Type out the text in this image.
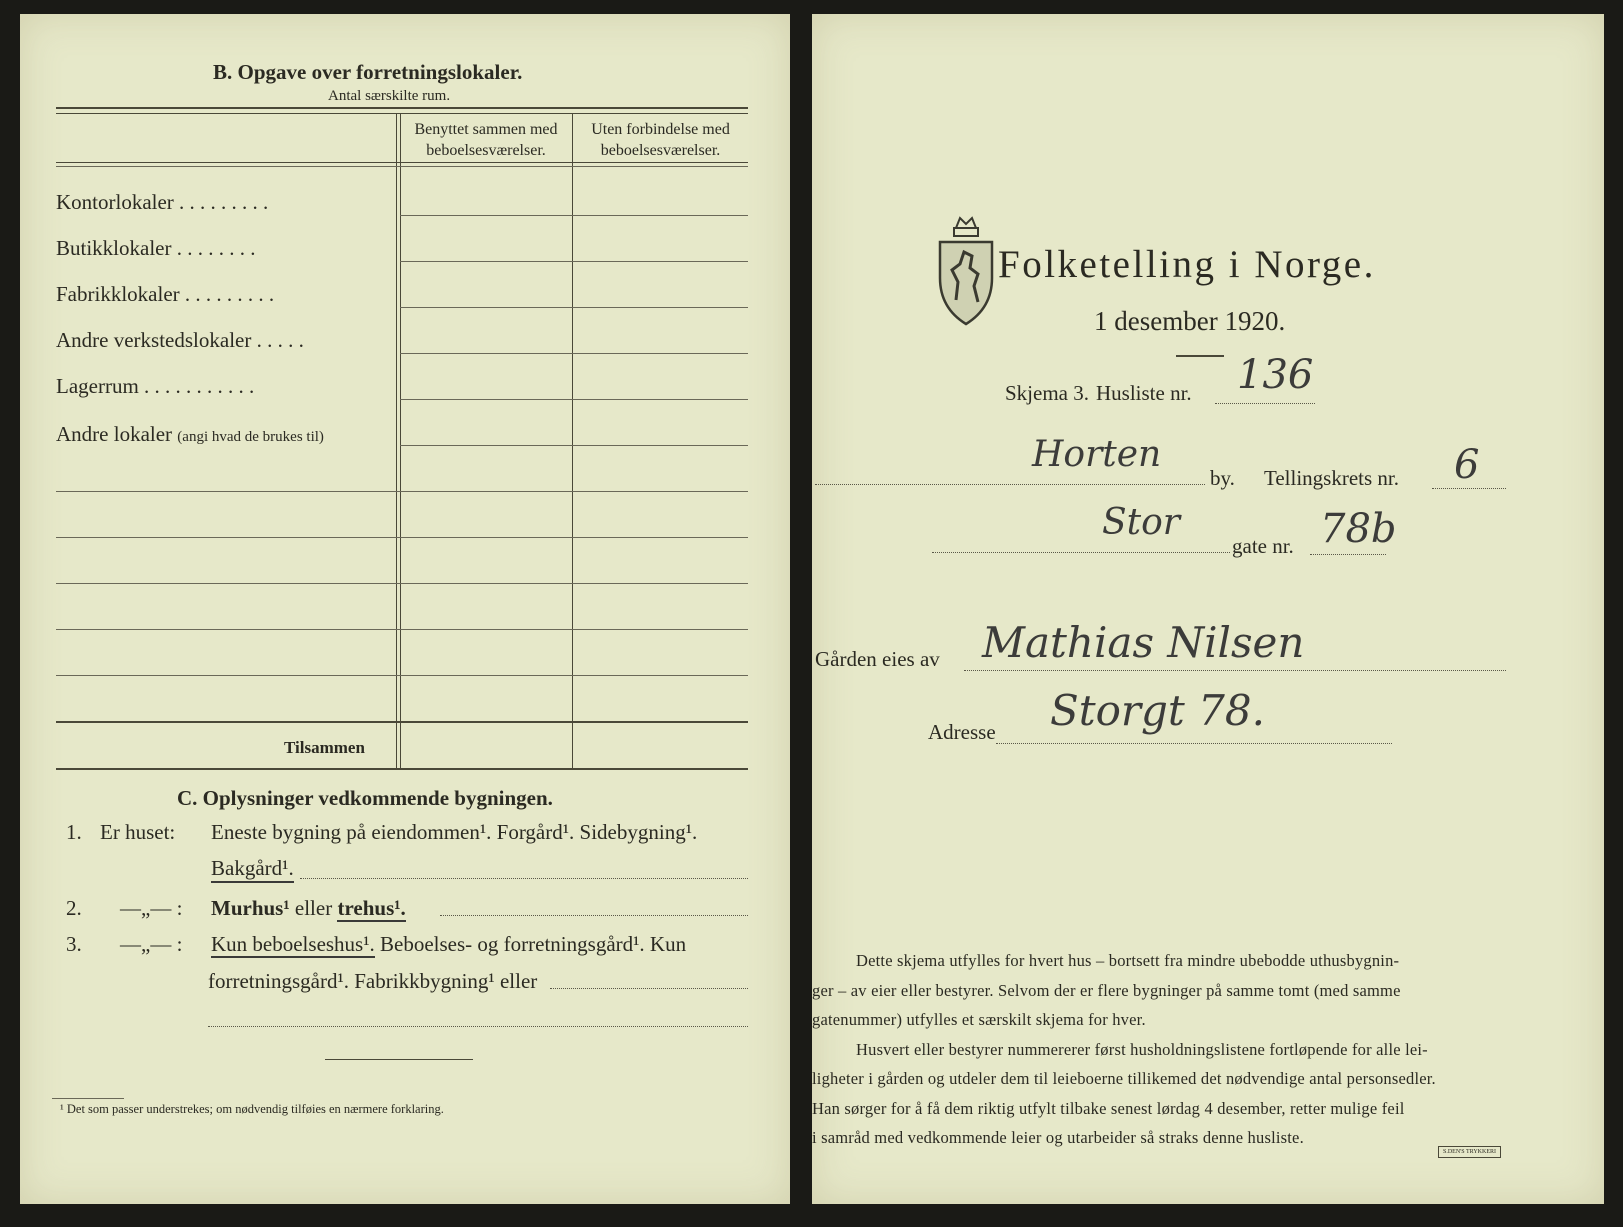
B. Opgave over forretningslokaler.
Antal særskilte rum.
Benyttet sammen med
beboelsesværelser.
Uten forbindelse med
beboelsesværelser.
Kontorlokaler . . . . . . . . .
Butikklokaler . . . . . . . .
Fabrikklokaler . . . . . . . . .
Andre verkstedslokaler . . . . .
Lagerrum . . . . . . . . . . .
Andre lokaler (angi hvad de brukes til)
Tilsammen
C. Oplysninger vedkommende bygningen.
1. Er huset: Eneste bygning på eiendommen¹. Forgård¹. Sidebygning¹.
Bakgård¹.
2. —„— : Murhus¹ eller trehus¹.
3. —„— : Kun beboelseshus¹. Beboelses- og forretningsgård¹. Kun
forretningsgård¹. Fabrikkbygning¹ eller
¹ Det som passer understrekes; om nødvendig tilføies en nærmere forklaring.
Folketelling i Norge.
1 desember 1920.
Skjema 3. Husliste nr. 136
Horten
by. Tellingskrets nr. 6
Stor
gate nr. 78b
Gården eies av Mathias Nilsen
Adresse Storgt 78.
Dette skjema utfylles for hvert hus – bortsett fra mindre ubebodde uthusbygnin-
ger – av eier eller bestyrer. Selvom der er flere bygninger på samme tomt (med samme
gatenummer) utfylles et særskilt skjema for hver.
Husvert eller bestyrer nummererer først husholdningslistene fortløpende for alle lei-
ligheter i gården og utdeler dem til leieboerne tillikemed det nødvendige antal personsedler.
Han sørger for å få dem riktig utfylt tilbake senest lørdag 4 desember, retter mulige feil
i samråd med vedkommende leier og utarbeider så straks denne husliste.
S.DEN'S TRYKKERI
